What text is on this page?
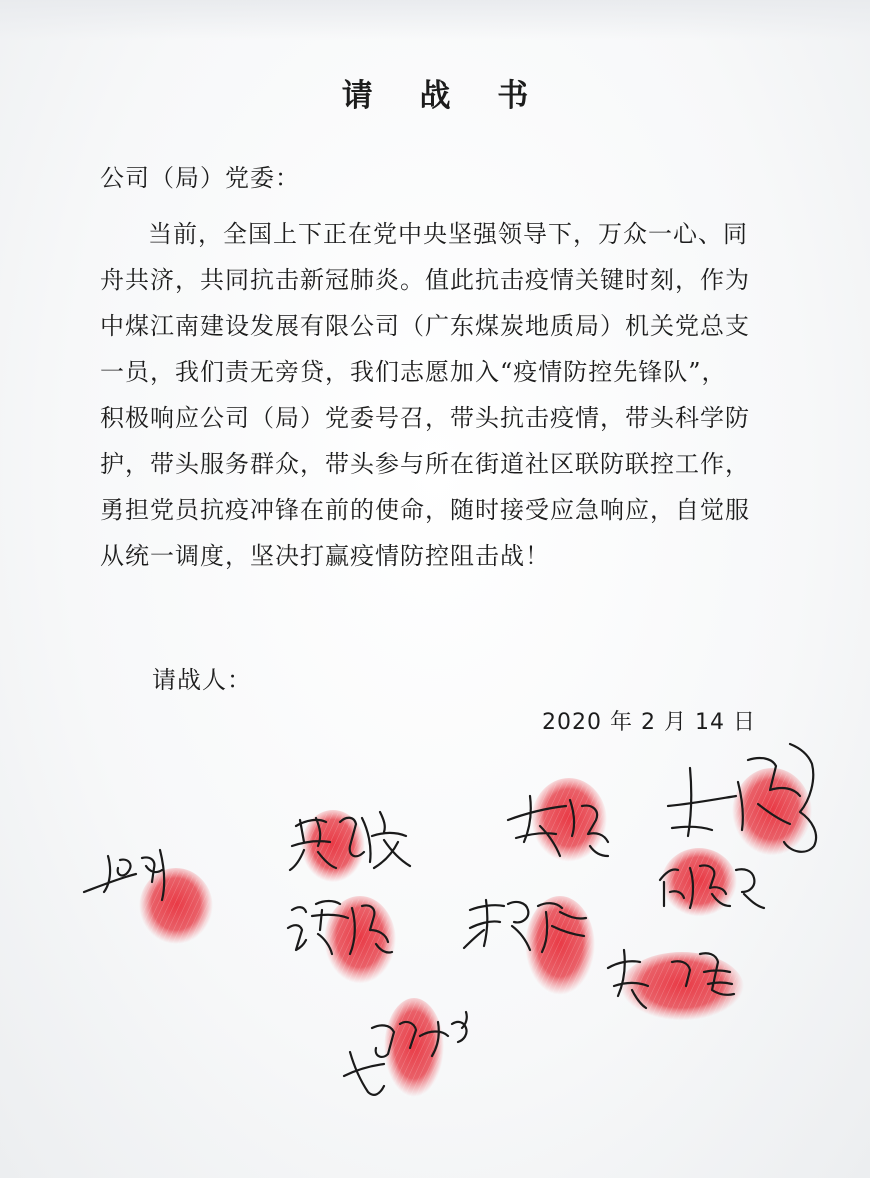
请 战 书
公司（局）党委：
当前，全国上下正在党中央坚强领导下，万众一心、同
舟共济，共同抗击新冠肺炎。值此抗击疫情关键时刻，作为
中煤江南建设发展有限公司（广东煤炭地质局）机关党总支
一员，我们责无旁贷，我们志愿加入“疫情防控先锋队”，
积极响应公司（局）党委号召，带头抗击疫情，带头科学防
护，带头服务群众，带头参与所在街道社区联防联控工作，
勇担党员抗疫冲锋在前的使命，随时接受应急响应，自觉服
从统一调度，坚决打赢疫情防控阻击战！
请战人：
2020 年 2 月 14 日
